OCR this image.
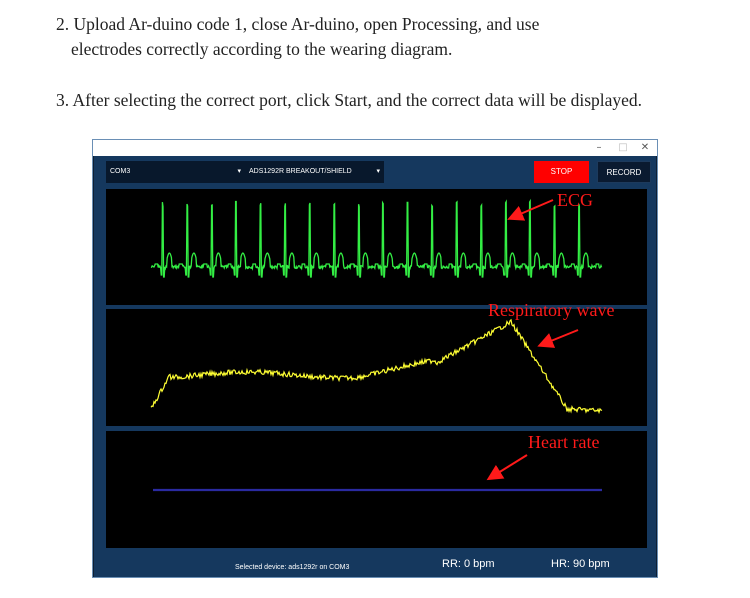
2. Upload Ar-duino code 1, close Ar-duino, open Processing, and use
electrodes correctly according to the wearing diagram.
3. After selecting the correct port, click Start, and the correct data will be displayed.
–	□	✕
COM3	▾	ADS1292R BREAKOUT/SHIELD	▾	STOP	RECORD
Selected device: ads1292r on COM3	RR: 0 bpm	HR: 90 bpm
ECG
Respiratory wave
Heart rate
